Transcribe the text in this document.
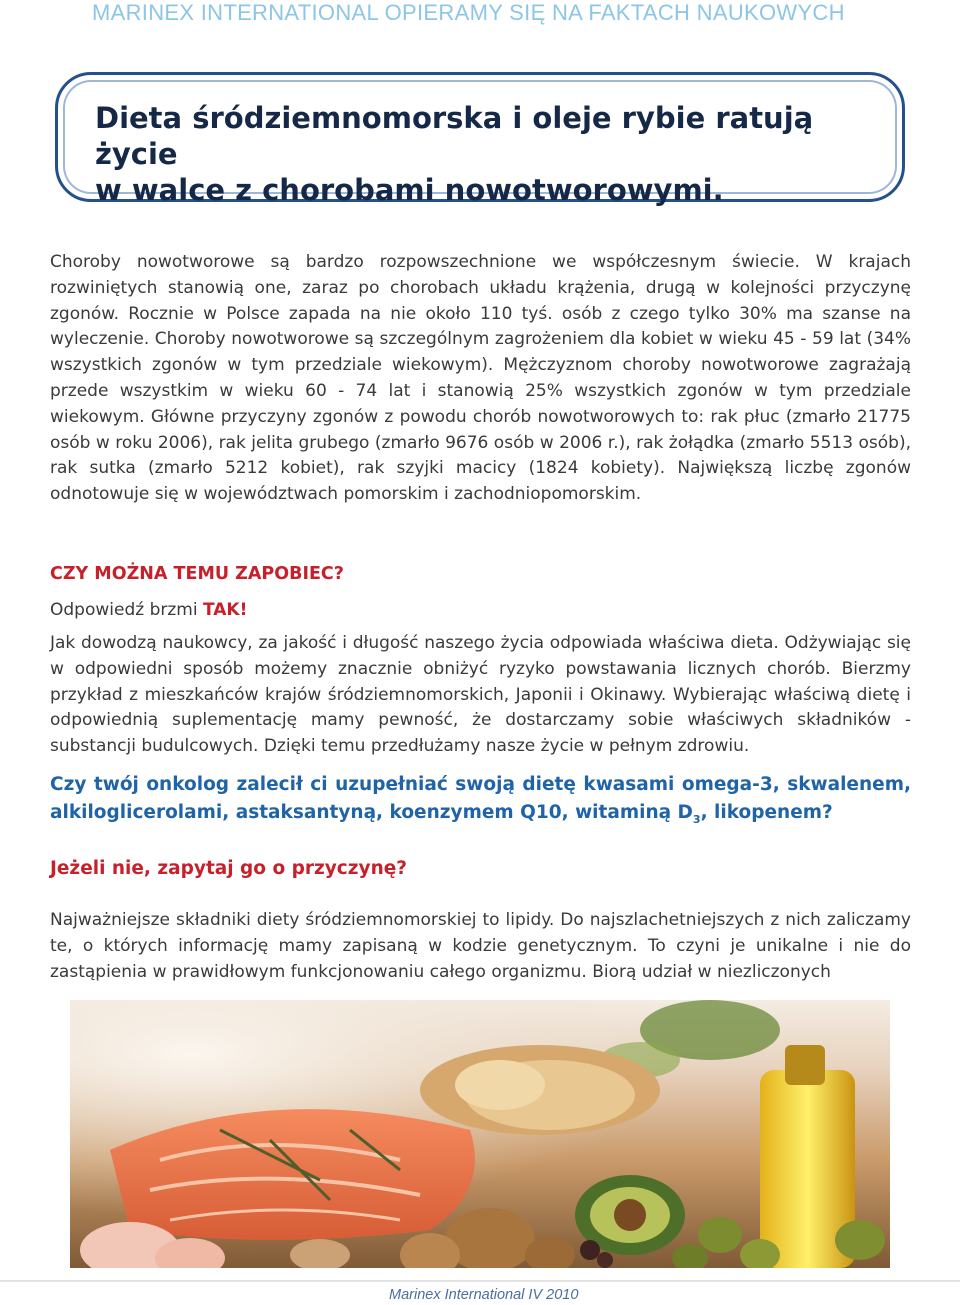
MARINEX INTERNATIONAL OPIERAMY SIĘ NA FAKTACH NAUKOWYCH
Dieta śródziemnomorska i oleje rybie ratują życie
w walce z chorobami nowotworowymi.

Choroby nowotworowe są bardzo rozpowszechnione we współczesnym świecie. W krajach rozwiniętych stanowią one, zaraz po chorobach układu krążenia, drugą w kolejności przyczynę zgonów. Rocznie w Polsce zapada na nie około 110 tyś. osób z czego tylko 30% ma szanse na wyleczenie. Choroby nowotworowe są szczególnym zagrożeniem dla kobiet w wieku 45 - 59 lat (34% wszystkich zgonów w tym przedziale wiekowym). Mężczyznom choroby nowotworowe zagrażają przede wszystkim w wieku 60 - 74 lat i stanowią 25% wszystkich zgonów w tym przedziale wiekowym. Główne przyczyny zgonów z powodu chorób nowotworowych to: rak płuc (zmarło 21775 osób w roku 2006), rak jelita grubego (zmarło 9676 osób w 2006 r.), rak żołądka (zmarło 5513 osób), rak sutka (zmarło 5212 kobiet), rak szyjki macicy (1824 kobiety). Największą liczbę zgonów odnotowuje się w województwach pomorskim i zachodniopomorskim.

CZY MOŻNA TEMU ZAPOBIEC?
Odpowiedź brzmi TAK!

Jak dowodzą naukowcy, za jakość i długość naszego życia odpowiada właściwa dieta. Odżywiając się w odpowiedni sposób możemy znacznie obniżyć ryzyko powstawania licznych chorób. Bierzmy przykład z mieszkańców krajów śródziemnomorskich, Japonii i Okinawy. Wybierając właściwą dietę i odpowiednią suplementację mamy pewność, że dostarczamy sobie właściwych składników - substancji budulcowych. Dzięki temu przedłużamy nasze życie w pełnym zdrowiu.

Czy twój onkolog zalecił ci uzupełniać swoją dietę kwasami omega-3, skwalenem, alkiloglicerolami, astaksantyną, koenzymem Q10, witaminą $D_3$, likopenem?

Jeżeli nie, zapytaj go o przyczynę?

Najważniejsze składniki diety śródziemnomorskiej to lipidy. Do najszlachetniejszych z nich zaliczamy te, o których informację mamy zapisaną w kodzie genetycznym. To czyni je unikalne i nie do zastąpienia w prawidłowym funkcjonowaniu całego organizmu. Biorą udział w niezliczonych

Marinex International IV 2010
